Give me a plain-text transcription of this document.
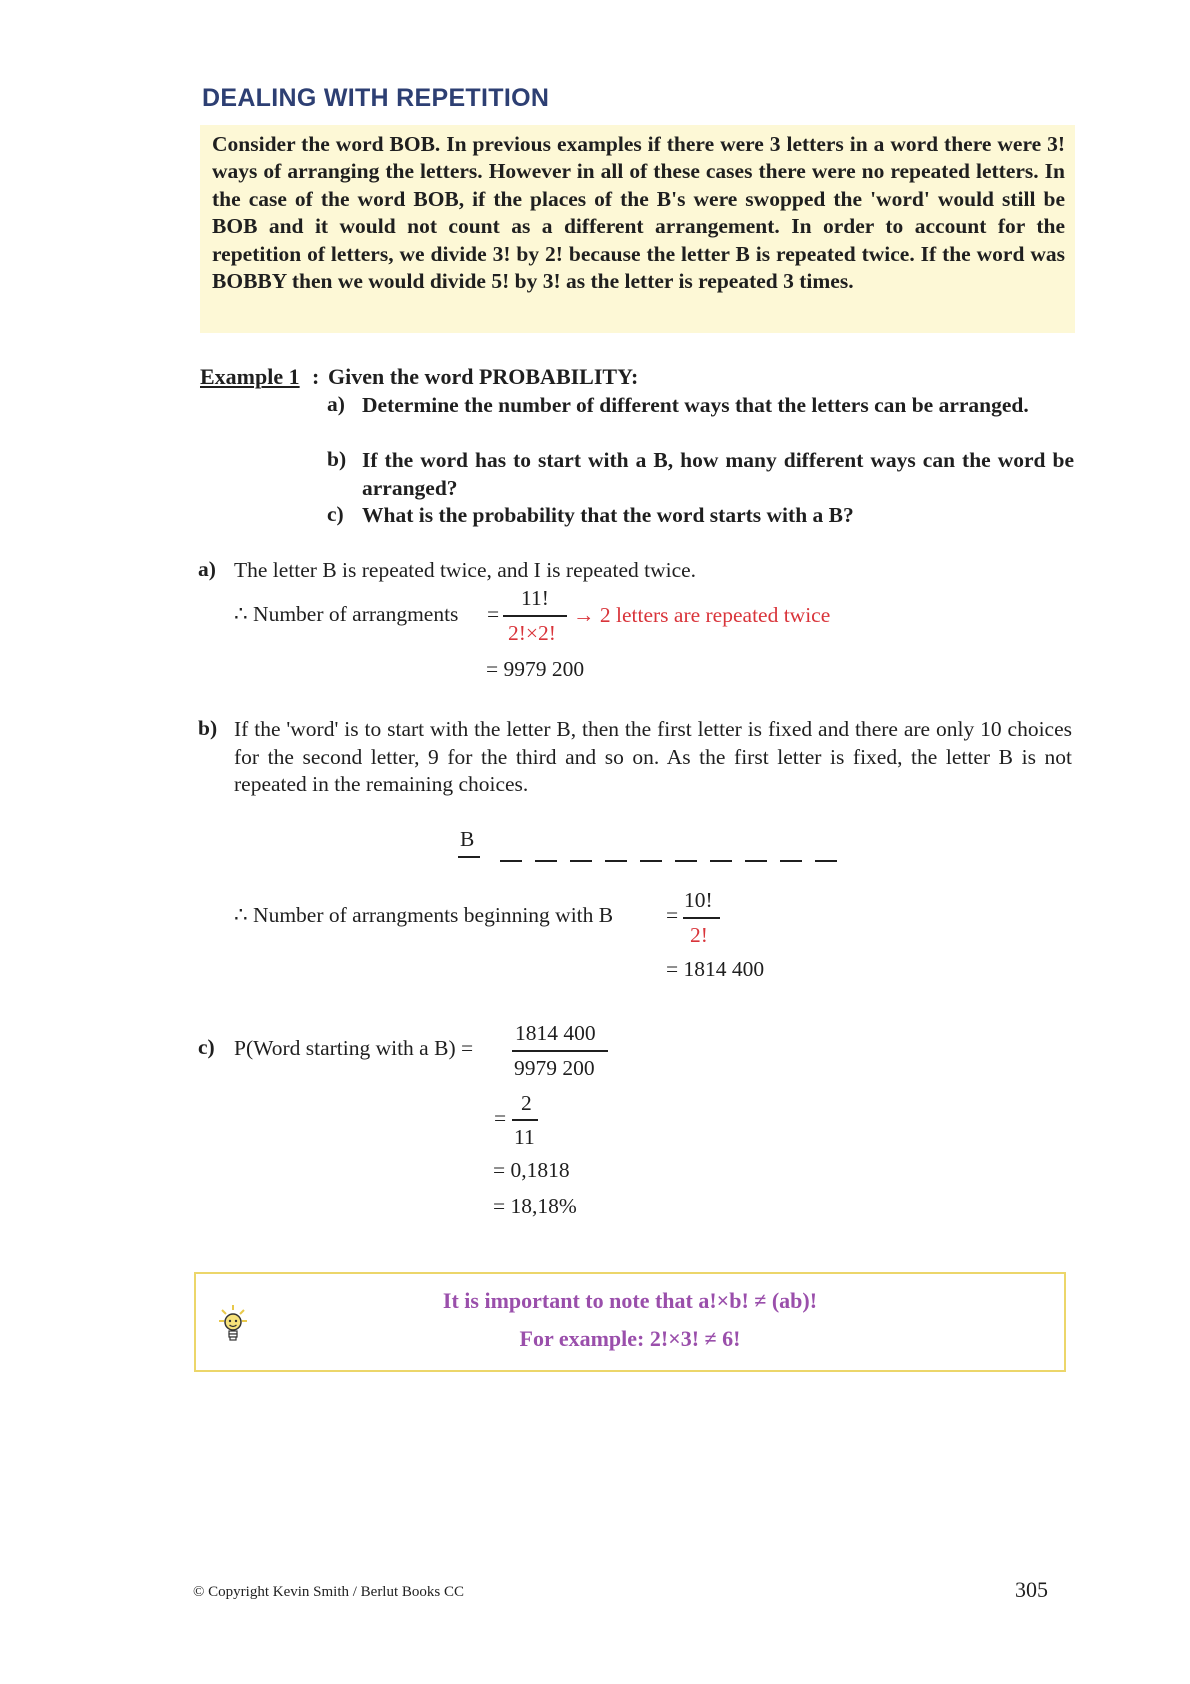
DEALING WITH REPETITION
Consider the word BOB. In previous examples if there were 3 letters in a word there were 3! ways of arranging the letters. However in all of these cases there were no repeated letters. In the case of the word BOB, if the places of the B's were swopped the 'word' would still be BOB and it would not count as a different arrangement. In order to account for the repetition of letters, we divide 3! by 2! because the letter B is repeated twice. If the word was BOBBY then we would divide 5! by 3! as the letter is repeated 3 times.
Example 1 : Given the word PROBABILITY:
a) Determine the number of different ways that the letters can be arranged.
b) If the word has to start with a B, how many different ways can the word be arranged?
c) What is the probability that the word starts with a B?
a) The letter B is repeated twice, and I is repeated twice.
∴ Number of arrangments =
11!
2!×2!
→ 2 letters are repeated twice
= 9979 200
b) If the 'word' is to start with the letter B, then the first letter is fixed and there are only 10 choices for the second letter, 9 for the third and so on. As the first letter is fixed, the letter B is not repeated in the remaining choices.
B
∴ Number of arrangments beginning with B =
10!
2!
= 1814 400
c) P(Word starting with a B) =
1814 400
9979 200
=
2
11
= 0,1818
= 18,18%
It is important to note that a!×b! ≠ (ab)!
For example: 2!×3! ≠ 6!
© Copyright Kevin Smith / Berlut Books CC	305
